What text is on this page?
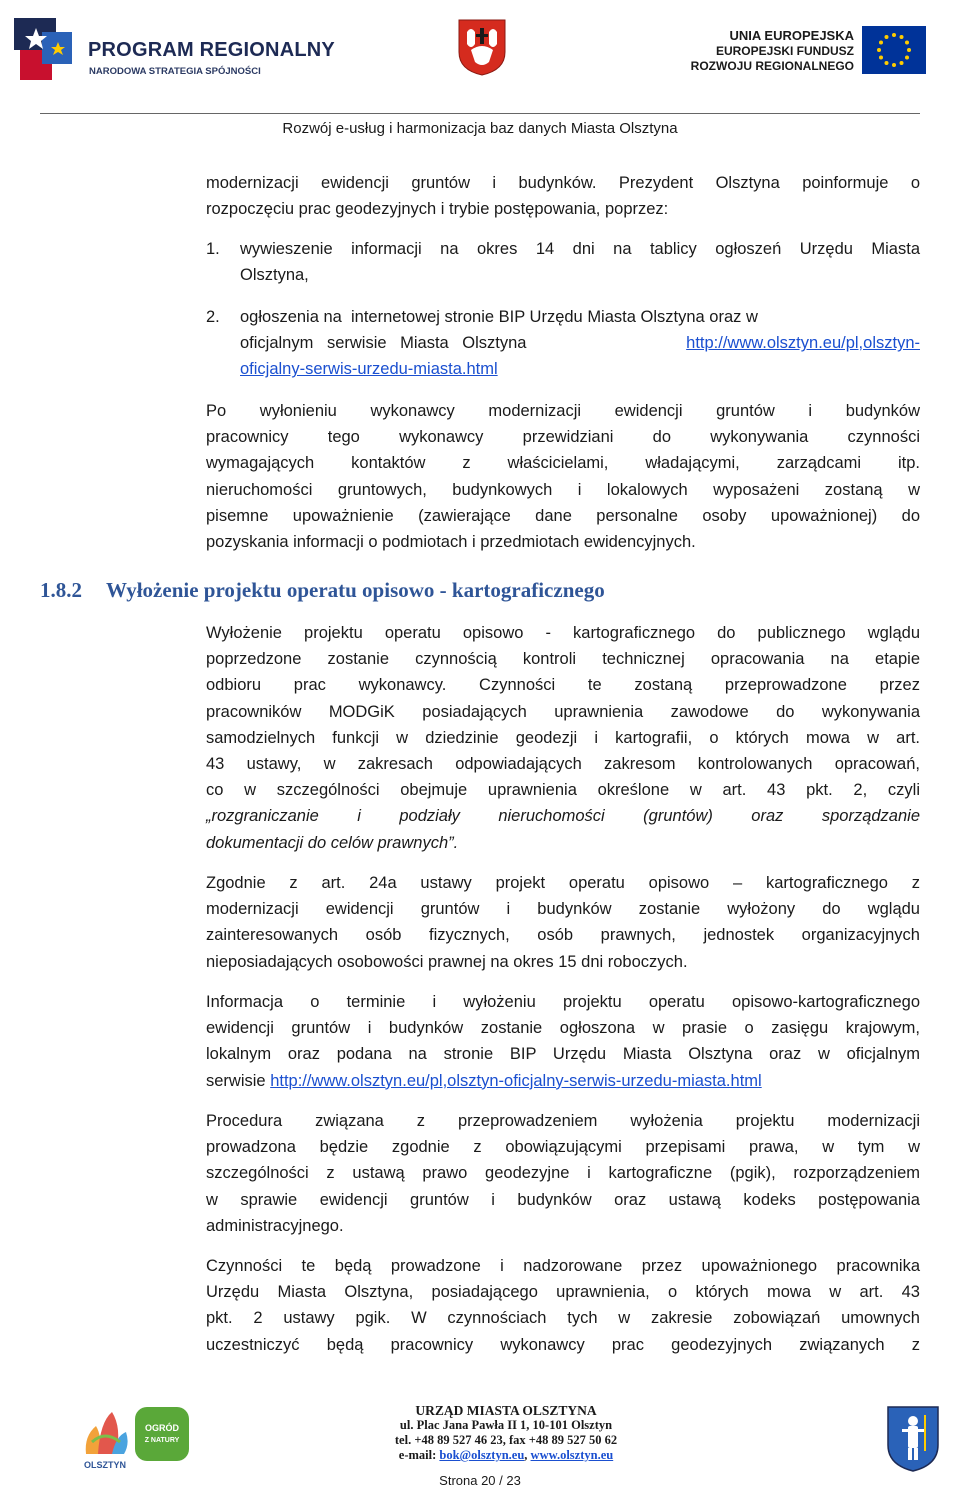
PROGRAM REGIONALNY
NARODOWA STRATEGIA SPÓJNOŚCI
UNIA EUROPEJSKA
EUROPEJSKI FUNDUSZ
ROZWOJU REGIONALNEGO
Rozwój e-usług i harmonizacja baz danych Miasta Olsztyna
modernizacji ewidencji gruntów i budynków. Prezydent Olsztyna poinformuje o
rozpoczęciu prac geodezyjnych i trybie postępowania, poprzez:
1. wywieszenie informacji na okres 14 dni na tablicy ogłoszeń Urzędu Miasta
Olsztyna,
2. ogłoszenia na  internetowej stronie BIP Urzędu Miasta Olsztyna oraz w
oficjalnym serwisie Miasta Olsztyna	http://www.olsztyn.eu/pl,olsztyn-
oficjalny-serwis-urzedu-miasta.html
Po wyłonieniu wykonawcy modernizacji ewidencji gruntów i budynków
pracownicy tego wykonawcy przewidziani do wykonywania czynności
wymagających kontaktów z właścicielami, władającymi, zarządcami itp.
nieruchomości gruntowych, budynkowych i lokalowych wyposażeni zostaną w
pisemne upoważnienie (zawierające dane personalne osoby upoważnionej) do
pozyskania informacji o podmiotach i przedmiotach ewidencyjnych.
1.8.2 Wyłożenie projektu operatu opisowo - kartograficznego
Wyłożenie projektu operatu opisowo - kartograficznego do publicznego wglądu
poprzedzone zostanie czynnością kontroli technicznej opracowania na etapie
odbioru prac wykonawcy. Czynności te zostaną przeprowadzone przez
pracowników MODGiK posiadających uprawnienia zawodowe do wykonywania
samodzielnych funkcji w dziedzinie geodezji i kartografii, o których mowa w art.
43 ustawy, w zakresach odpowiadających zakresom kontrolowanych opracowań,
co w szczególności obejmuje uprawnienia określone w art. 43 pkt. 2, czyli
„rozgraniczanie i podziały nieruchomości (gruntów) oraz sporządzanie
dokumentacji do celów prawnych”.
Zgodnie z art. 24a ustawy projekt operatu opisowo – kartograficznego z
modernizacji ewidencji gruntów i budynków zostanie wyłożony do wglądu
zainteresowanych osób fizycznych, osób prawnych, jednostek organizacyjnych
nieposiadających osobowości prawnej na okres 15 dni roboczych.
Informacja o terminie i wyłożeniu projektu operatu opisowo-kartograficznego
ewidencji gruntów i budynków zostanie ogłoszona w prasie o zasięgu krajowym,
lokalnym oraz podana na stronie BIP Urzędu Miasta Olsztyna oraz w oficjalnym
serwisie http://www.olsztyn.eu/pl,olsztyn-oficjalny-serwis-urzedu-miasta.html
Procedura związana z przeprowadzeniem wyłożenia projektu modernizacji
prowadzona będzie zgodnie z obowiązującymi przepisami prawa, w tym w
szczególności z ustawą prawo geodezyjne i kartograficzne (pgik), rozporządzeniem
w sprawie ewidencji gruntów i budynków oraz ustawą kodeks postępowania
administracyjnego.
Czynności te będą prowadzone i nadzorowane przez upoważnionego pracownika
Urzędu Miasta Olsztyna, posiadającego uprawnienia, o których mowa w art. 43
pkt. 2 ustawy pgik. W czynnościach tych w zakresie zobowiązań umownych
uczestniczyć będą pracownicy wykonawcy prac geodezyjnych związanych z
OLSZTYN
OGRÓD
Z NATURY
URZĄD MIASTA OLSZTYNA
ul. Plac Jana Pawła II 1, 10-101 Olsztyn
tel. +48 89 527 46 23, fax +48 89 527 50 62
e-mail: bok@olsztyn.eu, www.olsztyn.eu
Strona 20 / 23
